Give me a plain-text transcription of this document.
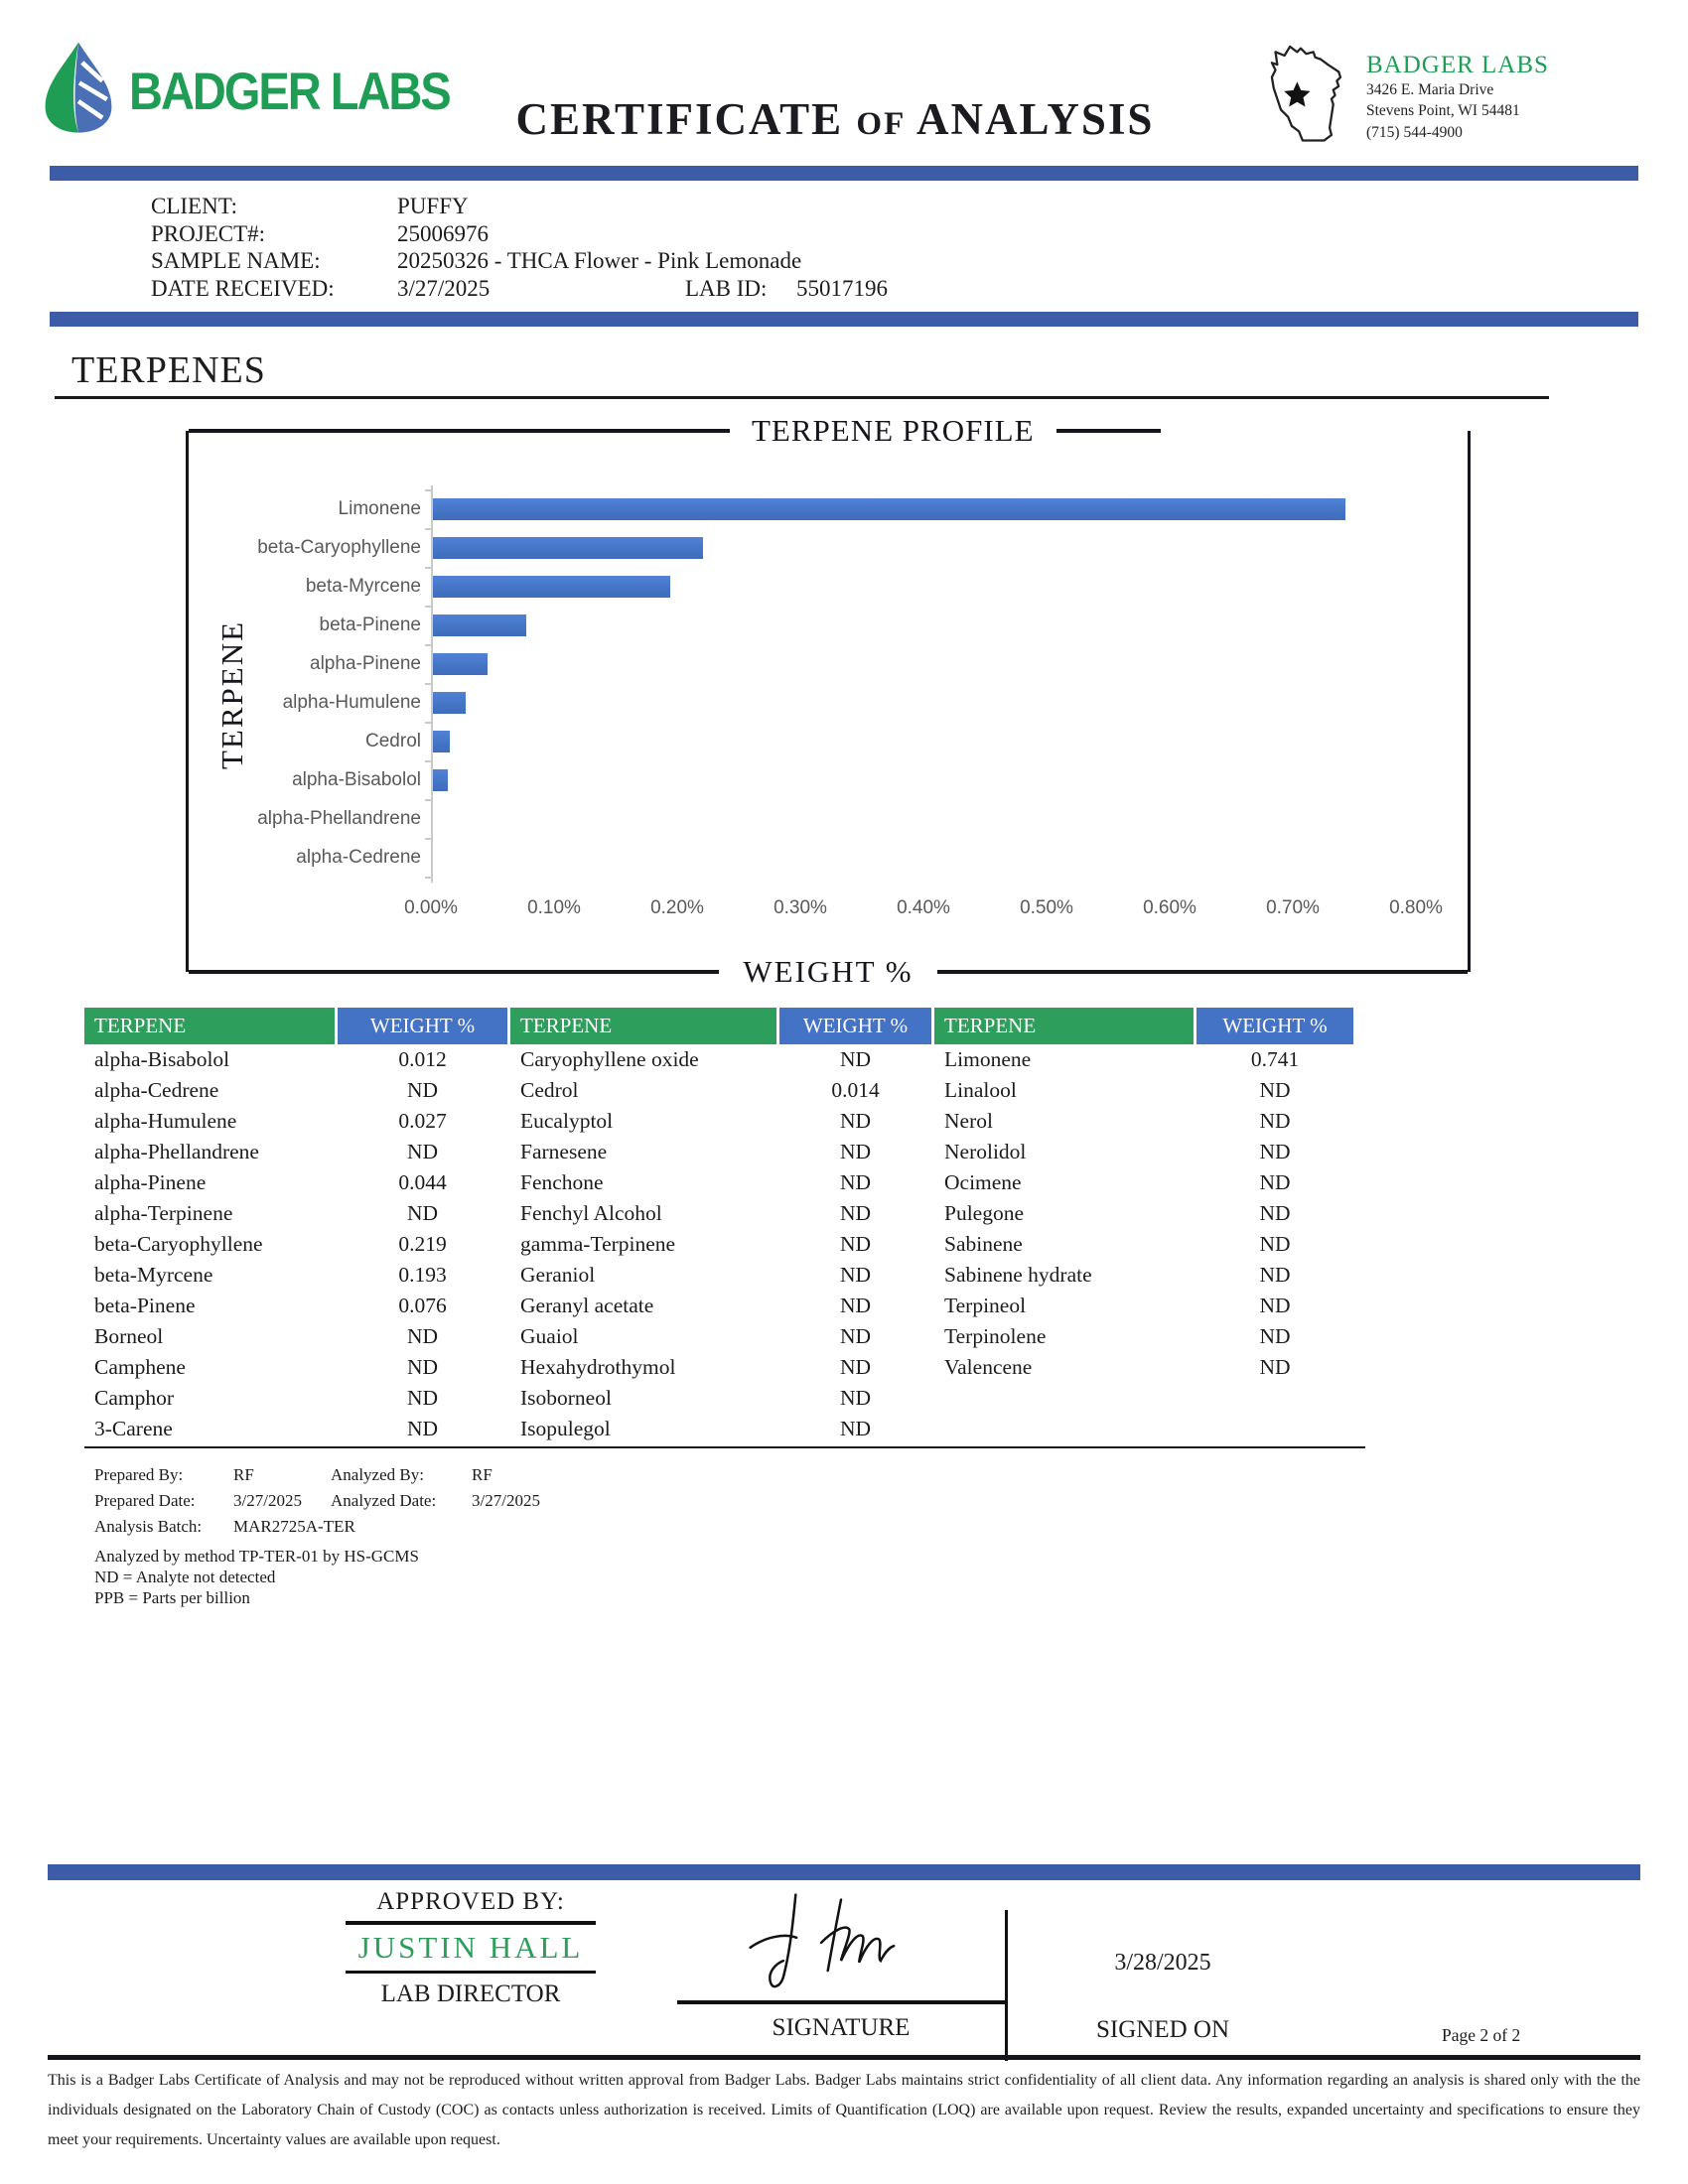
BADGER LABS	CERTIFICATE OF ANALYSIS
BADGER LABS
3426 E. Maria Drive
Stevens Point, WI 54481
(715) 544-4900
CLIENT:	PUFFY
PROJECT#:	25006976
SAMPLE NAME:	20250326 - THCA Flower - Pink Lemonade
DATE RECEIVED:	3/27/2025	LAB ID:	55017196
TERPENES
TERPENE PROFILE
TERPENE
Limonene
beta-Caryophyllene
beta-Myrcene
beta-Pinene
alpha-Pinene
alpha-Humulene
Cedrol
alpha-Bisabolol
alpha-Phellandrene
alpha-Cedrene
0.00%	0.10%	0.20%	0.30%	0.40%	0.50%	0.60%	0.70%	0.80%
WEIGHT %
TERPENE	WEIGHT %	TERPENE	WEIGHT %	TERPENE	WEIGHT %
alpha-Bisabolol	0.012	Caryophyllene oxide	ND	Limonene	0.741
alpha-Cedrene	ND	Cedrol	0.014	Linalool	ND
alpha-Humulene	0.027	Eucalyptol	ND	Nerol	ND
alpha-Phellandrene	ND	Farnesene	ND	Nerolidol	ND
alpha-Pinene	0.044	Fenchone	ND	Ocimene	ND
alpha-Terpinene	ND	Fenchyl Alcohol	ND	Pulegone	ND
beta-Caryophyllene	0.219	gamma-Terpinene	ND	Sabinene	ND
beta-Myrcene	0.193	Geraniol	ND	Sabinene hydrate	ND
beta-Pinene	0.076	Geranyl acetate	ND	Terpineol	ND
Borneol	ND	Guaiol	ND	Terpinolene	ND
Camphene	ND	Hexahydrothymol	ND	Valencene	ND
Camphor	ND	Isoborneol	ND
3-Carene	ND	Isopulegol	ND
Prepared By:	RF	Analyzed By:	RF
Prepared Date:	3/27/2025	Analyzed Date:	3/27/2025
Analysis Batch:	MAR2725A-TER
Analyzed by method TP-TER-01 by HS-GCMS
ND = Analyte not detected
PPB = Parts per billion
APPROVED BY:
JUSTIN HALL
LAB DIRECTOR
SIGNATURE
3/28/2025
SIGNED ON	Page 2 of 2
This is a Badger Labs Certificate of Analysis and may not be reproduced without written approval from Badger Labs. Badger Labs maintains strict confidentiality of all client data. Any information regarding an analysis is shared only with the the individuals designated on the Laboratory Chain of Custody (COC) as contacts unless authorization is received. Limits of Quantification (LOQ) are available upon request. Review the results, expanded uncertainty and specifications to ensure they meet your requirements. Uncertainty values are available upon request.
